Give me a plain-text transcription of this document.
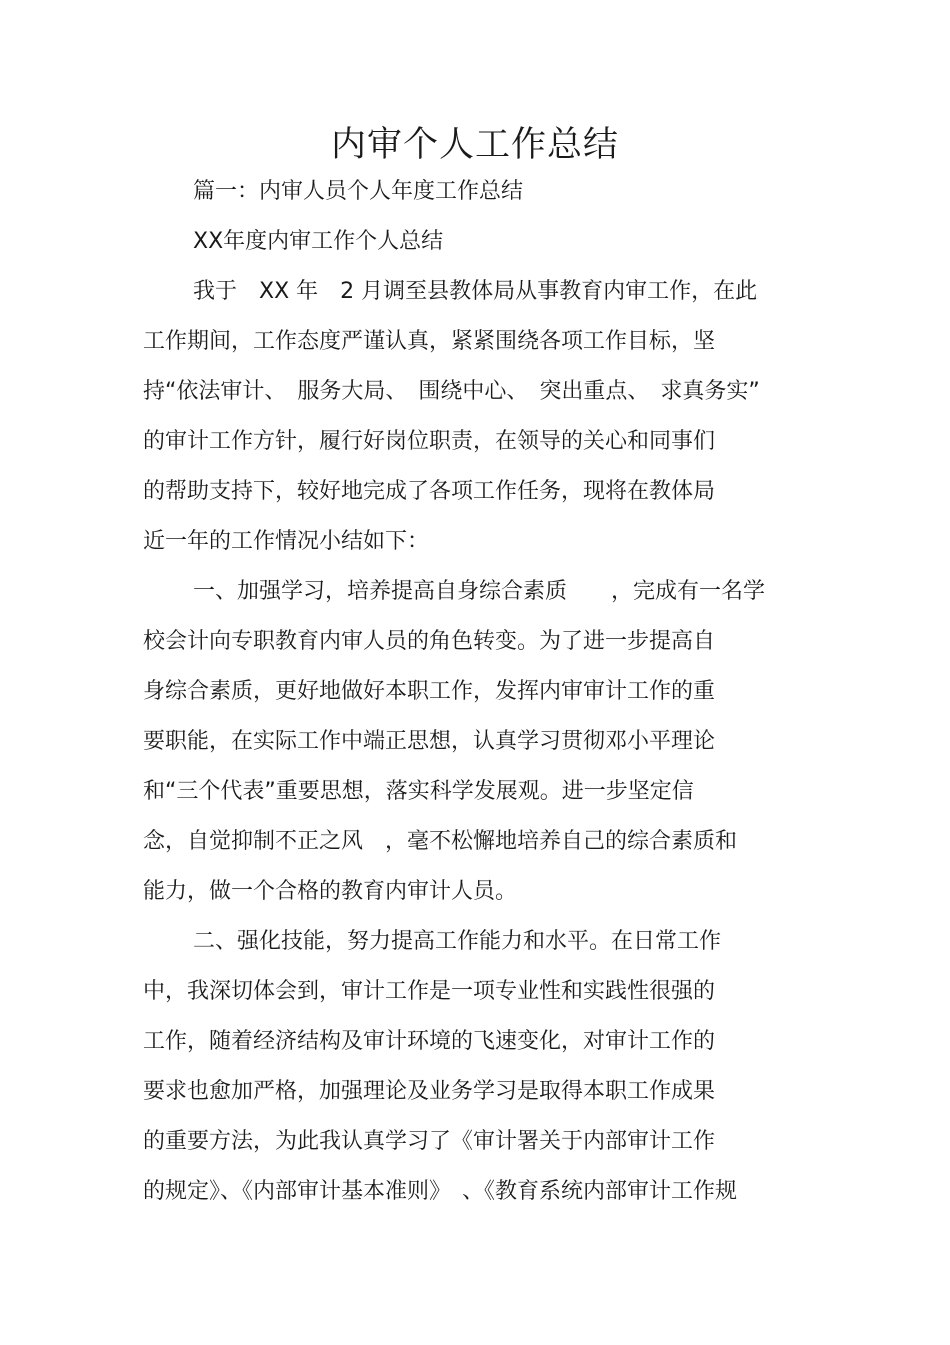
内审个人工作总结
篇一：内审人员个人年度工作总结
XX年度内审工作个人总结
我于　XX 年　2 月调至县教体局从事教育内审工作，在此
工作期间，工作态度严谨认真，紧紧围绕各项工作目标，坚
持“依法审计、　服务大局、　围绕中心、　突出重点、　求真务实”
的审计工作方针，履行好岗位职责，在领导的关心和同事们
的帮助支持下，较好地完成了各项工作任务，现将在教体局
近一年的工作情况小结如下：
一、加强学习，培养提高自身综合素质　　，完成有一名学
校会计向专职教育内审人员的角色转变。为了进一步提高自
身综合素质，更好地做好本职工作，发挥内审审计工作的重
要职能，在实际工作中端正思想，认真学习贯彻邓小平理论
和“三个代表”重要思想，落实科学发展观。进一步坚定信
念，自觉抑制不正之风　，毫不松懈地培养自己的综合素质和
能力，做一个合格的教育内审计人员。
二、强化技能，努力提高工作能力和水平。在日常工作
中，我深切体会到，审计工作是一项专业性和实践性很强的
工作，随着经济结构及审计环境的飞速变化，对审计工作的
要求也愈加严格，加强理论及业务学习是取得本职工作成果
的重要方法，为此我认真学习了《审计署关于内部审计工作
的规定》、《内部审计基本准则》　、《教育系统内部审计工作规
